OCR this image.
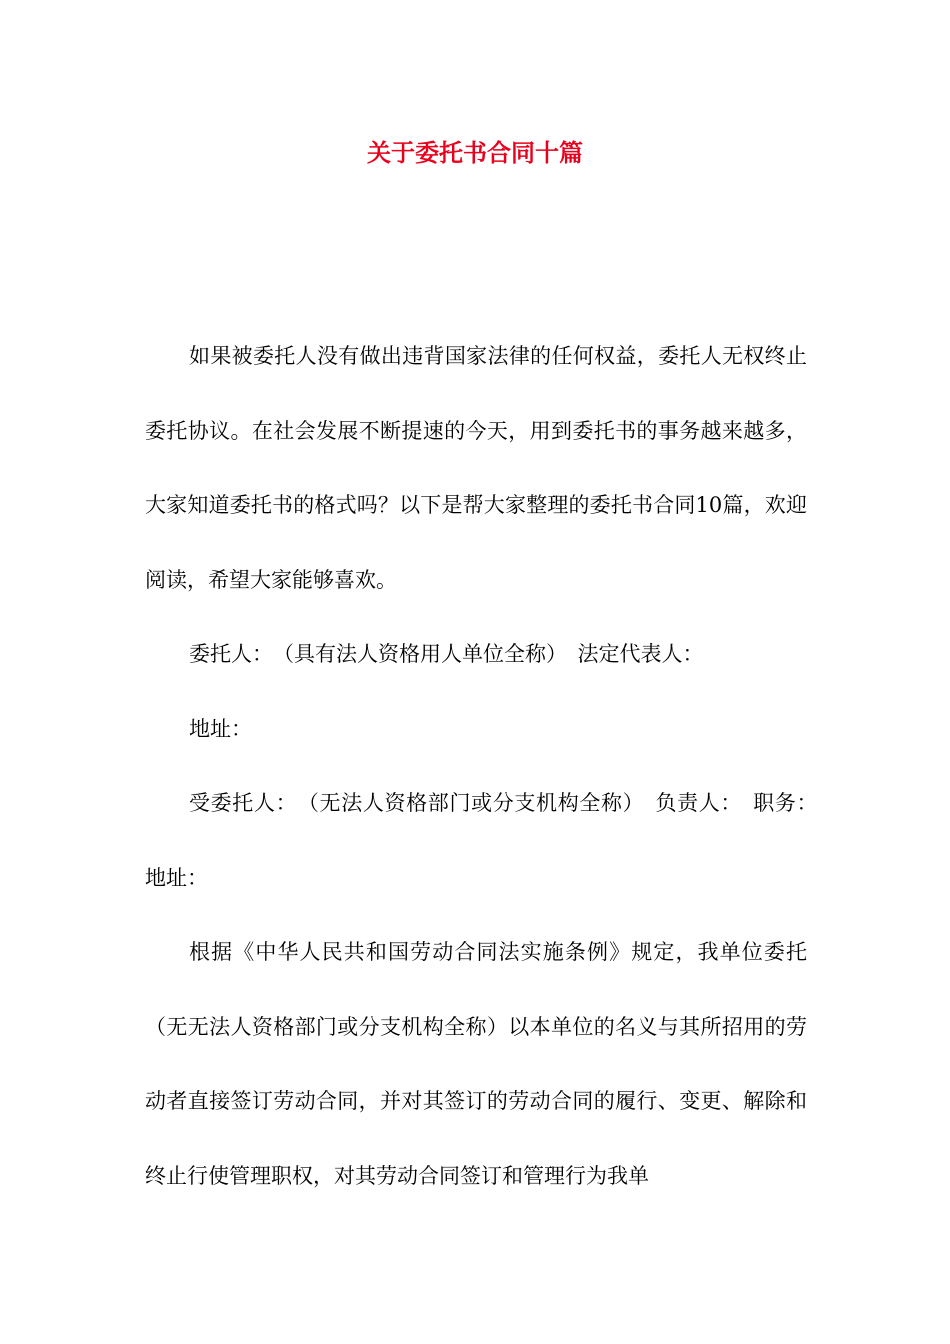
关于委托书合同十篇

如果被委托人没有做出违背国家法律的任何权益，委托人无权终止委托协议。在社会发展不断提速的今天，用到委托书的事务越来越多，大家知道委托书的格式吗？以下是帮大家整理的委托书合同10篇，欢迎阅读，希望大家能够喜欢。

委托人：　（具有法人资格用人单位全称）　法定代表人：

地址：

受委托人：　（无法人资格部门或分支机构全称）　负责人：　职务：　地址：

根据《中华人民共和国劳动合同法实施条例》规定，我单位委托　（无无法人资格部门或分支机构全称）以本单位的名义与其所招用的劳动者直接签订劳动合同，并对其签订的劳动合同的履行、变更、解除和终止行使管理职权，对其劳动合同签订和管理行为我单
